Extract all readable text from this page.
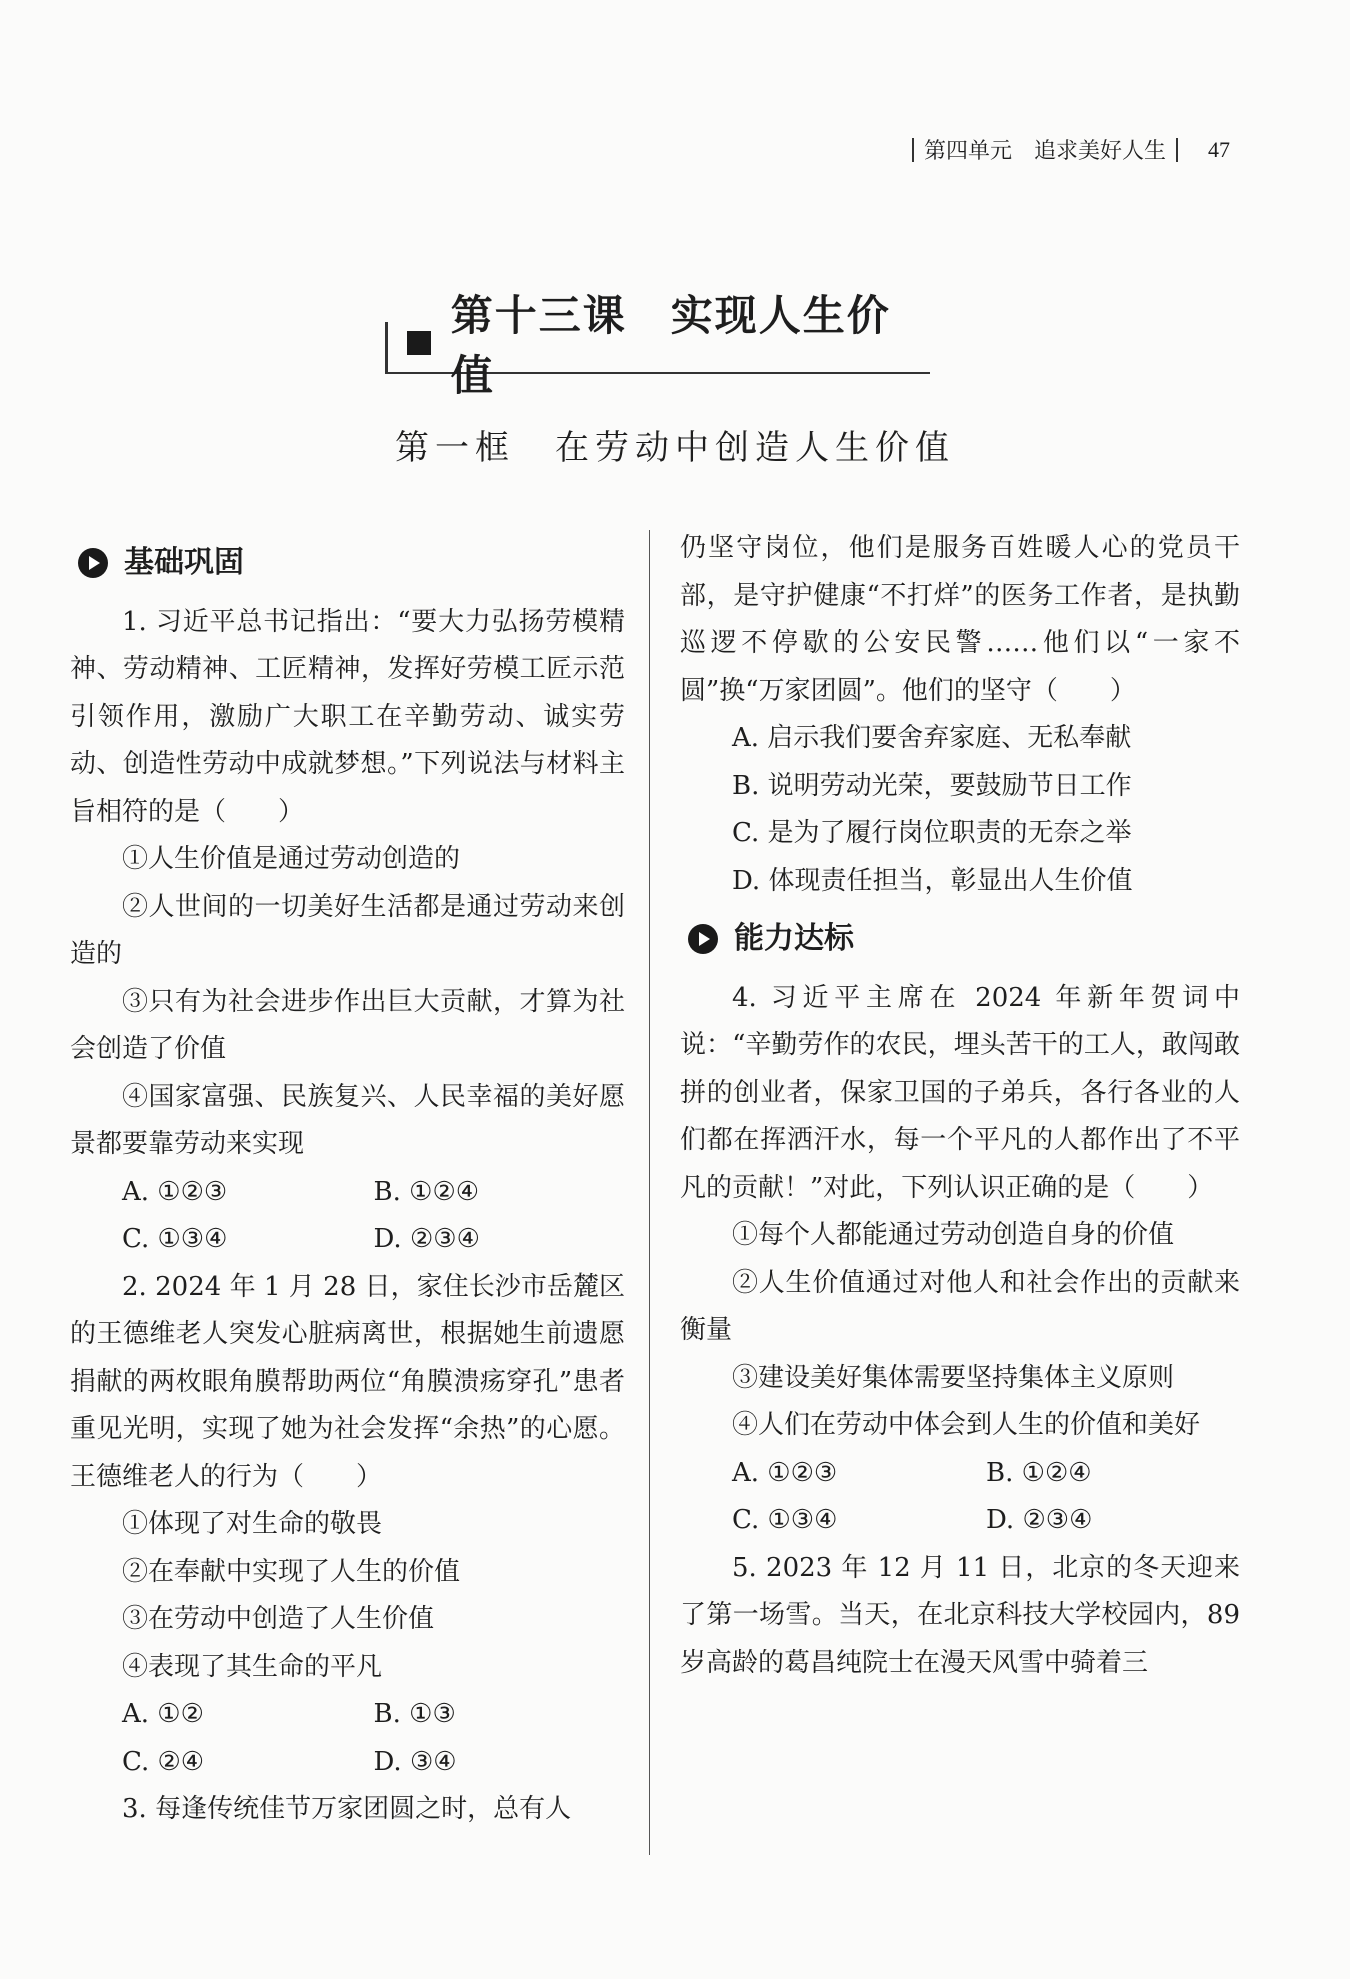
第四单元　追求美好人生 47
第十三课　实现人生价值
第一框　在劳动中创造人生价值
基础巩固

1. 习近平总书记指出：“要大力弘扬劳模精神、劳动精神、工匠精神，发挥好劳模工匠示范引领作用，激励广大职工在辛勤劳动、诚实劳动、创造性劳动中成就梦想。”下列说法与材料主旨相符的是（　　）

①人生价值是通过劳动创造的

②人世间的一切美好生活都是通过劳动来创造的

③只有为社会进步作出巨大贡献，才算为社会创造了价值

④国家富强、民族复兴、人民幸福的美好愿景都要靠劳动来实现

A. ①②③	B. ①②④
C. ①③④	D. ②③④

2. 2024 年 1 月 28 日，家住长沙市岳麓区的王德维老人突发心脏病离世，根据她生前遗愿捐献的两枚眼角膜帮助两位“角膜溃疡穿孔”患者重见光明，实现了她为社会发挥“余热”的心愿。王德维老人的行为（　　）

①体现了对生命的敬畏

②在奉献中实现了人生的价值

③在劳动中创造了人生价值

④表现了其生命的平凡

A. ①②	B. ①③
C. ②④	D. ③④

3. 每逢传统佳节万家团圆之时，总有人

仍坚守岗位，他们是服务百姓暖人心的党员干部，是守护健康“不打烊”的医务工作者，是执勤巡逻不停歇的公安民警……他们以“一家不圆”换“万家团圆”。他们的坚守（　　）

A. 启示我们要舍弃家庭、无私奉献

B. 说明劳动光荣，要鼓励节日工作

C. 是为了履行岗位职责的无奈之举

D. 体现责任担当，彰显出人生价值

能力达标

4. 习近平主席在 2024 年新年贺词中说：“辛勤劳作的农民，埋头苦干的工人，敢闯敢拼的创业者，保家卫国的子弟兵，各行各业的人们都在挥洒汗水，每一个平凡的人都作出了不平凡的贡献！”对此，下列认识正确的是（　　）

①每个人都能通过劳动创造自身的价值

②人生价值通过对他人和社会作出的贡献来衡量

③建设美好集体需要坚持集体主义原则

④人们在劳动中体会到人生的价值和美好

A. ①②③	B. ①②④
C. ①③④	D. ②③④

5. 2023 年 12 月 11 日，北京的冬天迎来了第一场雪。当天，在北京科技大学校园内，89 岁高龄的葛昌纯院士在漫天风雪中骑着三
